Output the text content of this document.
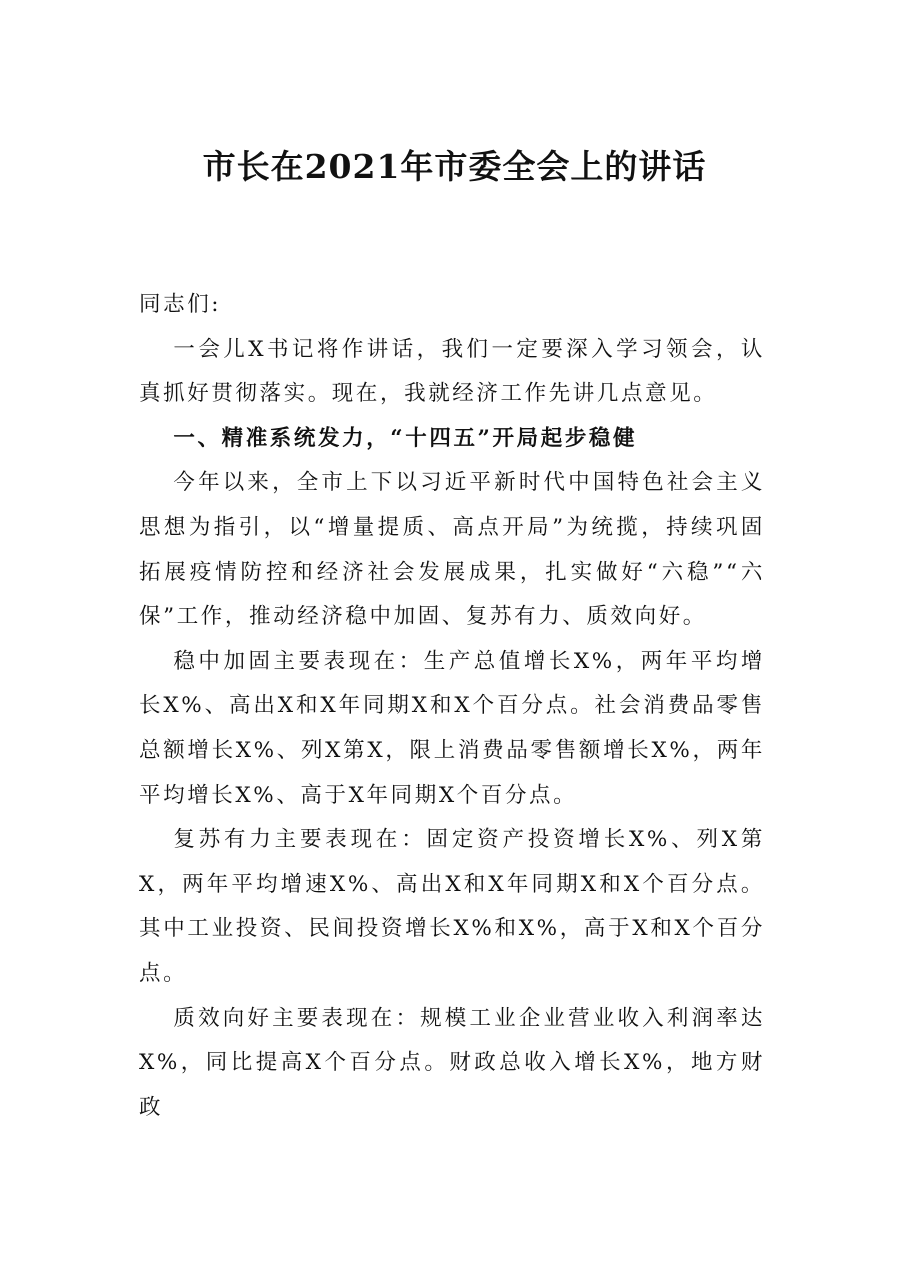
市长在2021年市委全会上的讲话

同志们:

一会儿X书记将作讲话，我们一定要深入学习领会，认真抓好贯彻落实。现在，我就经济工作先讲几点意见。

一、精准系统发力，“十四五”开局起步稳健

今年以来，全市上下以习近平新时代中国特色社会主义思想为指引，以“增量提质、高点开局”为统揽，持续巩固拓展疫情防控和经济社会发展成果，扎实做好“六稳”“六保”工作，推动经济稳中加固、复苏有力、质效向好。

稳中加固主要表现在：生产总值增长X%，两年平均增长X%、高出X和X年同期X和X个百分点。社会消费品零售总额增长X%、列X第X，限上消费品零售额增长X%，两年平均增长X%、高于X年同期X个百分点。

复苏有力主要表现在：固定资产投资增长X%、列X第X，两年平均增速X%、高出X和X年同期X和X个百分点。其中工业投资、民间投资增长X%和X%，高于X和X个百分点。

质效向好主要表现在：规模工业企业营业收入利润率达X%，同比提高X个百分点。财政总收入增长X%，地方财政
